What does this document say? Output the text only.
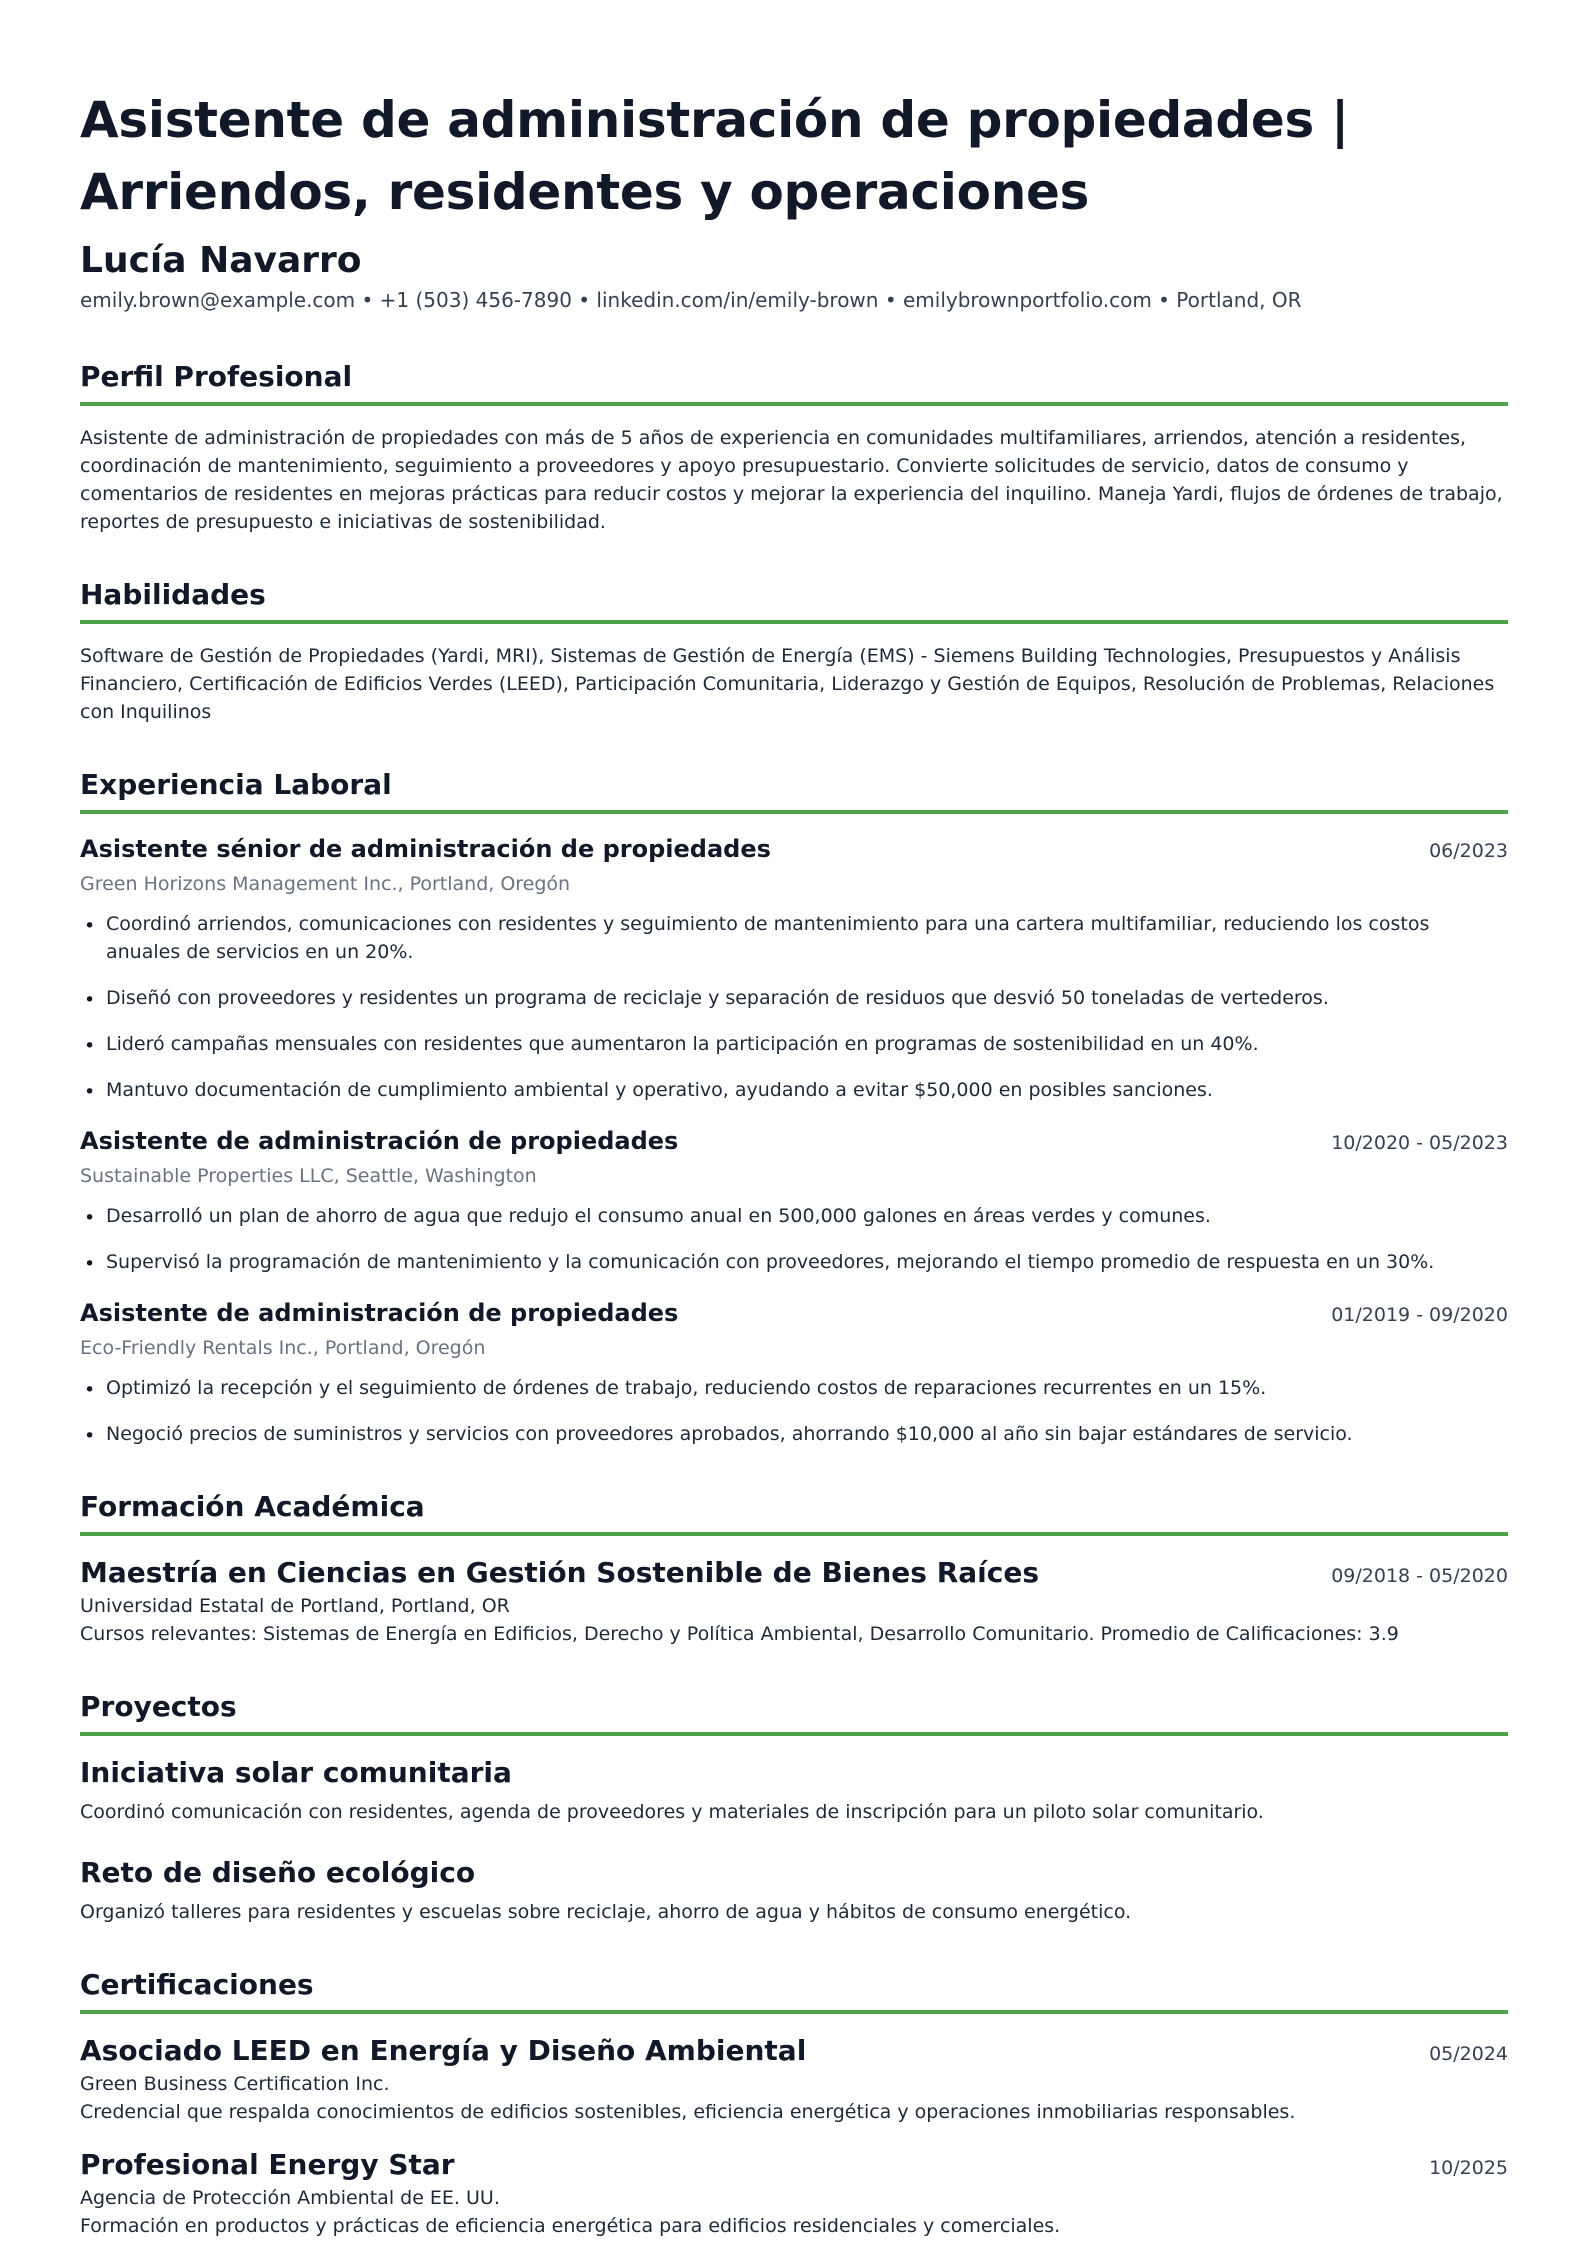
Asistente de administración de propiedades |
Arriendos, residentes y operaciones
Lucía Navarro
emily.brown@example.com • +1 (503) 456-7890 • linkedin.com/in/emily-brown • emilybrownportfolio.com • Portland, OR
Perfil Profesional

Asistente de administración de propiedades con más de 5 años de experiencia en comunidades multifamiliares, arriendos, atención a residentes, coordinación de mantenimiento, seguimiento a proveedores y apoyo presupuestario. Convierte solicitudes de servicio, datos de consumo y comentarios de residentes en mejoras prácticas para reducir costos y mejorar la experiencia del inquilino. Maneja Yardi, flujos de órdenes de trabajo, reportes de presupuesto e iniciativas de sostenibilidad.

Habilidades

Software de Gestión de Propiedades (Yardi, MRI), Sistemas de Gestión de Energía (EMS) - Siemens Building Technologies, Presupuestos y Análisis Financiero, Certificación de Edificios Verdes (LEED), Participación Comunitaria, Liderazgo y Gestión de Equipos, Resolución de Problemas, Relaciones con Inquilinos

Experiencia Laboral
Asistente sénior de administración de propiedades	06/2023
Green Horizons Management Inc., Portland, Oregón
• Coordinó arriendos, comunicaciones con residentes y seguimiento de mantenimiento para una cartera multifamiliar, reduciendo los costos anuales de servicios en un 20%.
• Diseñó con proveedores y residentes un programa de reciclaje y separación de residuos que desvió 50 toneladas de vertederos.
• Lideró campañas mensuales con residentes que aumentaron la participación en programas de sostenibilidad en un 40%.
• Mantuvo documentación de cumplimiento ambiental y operativo, ayudando a evitar $50,000 en posibles sanciones.
Asistente de administración de propiedades	10/2020 - 05/2023
Sustainable Properties LLC, Seattle, Washington
• Desarrolló un plan de ahorro de agua que redujo el consumo anual en 500,000 galones en áreas verdes y comunes.
• Supervisó la programación de mantenimiento y la comunicación con proveedores, mejorando el tiempo promedio de respuesta en un 30%.
Asistente de administración de propiedades	01/2019 - 09/2020
Eco-Friendly Rentals Inc., Portland, Oregón
• Optimizó la recepción y el seguimiento de órdenes de trabajo, reduciendo costos de reparaciones recurrentes en un 15%.
• Negoció precios de suministros y servicios con proveedores aprobados, ahorrando $10,000 al año sin bajar estándares de servicio.
Formación Académica
Maestría en Ciencias en Gestión Sostenible de Bienes Raíces	09/2018 - 05/2020
Universidad Estatal de Portland, Portland, OR
Cursos relevantes: Sistemas de Energía en Edificios, Derecho y Política Ambiental, Desarrollo Comunitario. Promedio de Calificaciones: 3.9
Proyectos
Iniciativa solar comunitaria
Coordinó comunicación con residentes, agenda de proveedores y materiales de inscripción para un piloto solar comunitario.
Reto de diseño ecológico
Organizó talleres para residentes y escuelas sobre reciclaje, ahorro de agua y hábitos de consumo energético.
Certificaciones
Asociado LEED en Energía y Diseño Ambiental	05/2024
Green Business Certification Inc.
Credencial que respalda conocimientos de edificios sostenibles, eficiencia energética y operaciones inmobiliarias responsables.
Profesional Energy Star	10/2025
Agencia de Protección Ambiental de EE. UU.
Formación en productos y prácticas de eficiencia energética para edificios residenciales y comerciales.
